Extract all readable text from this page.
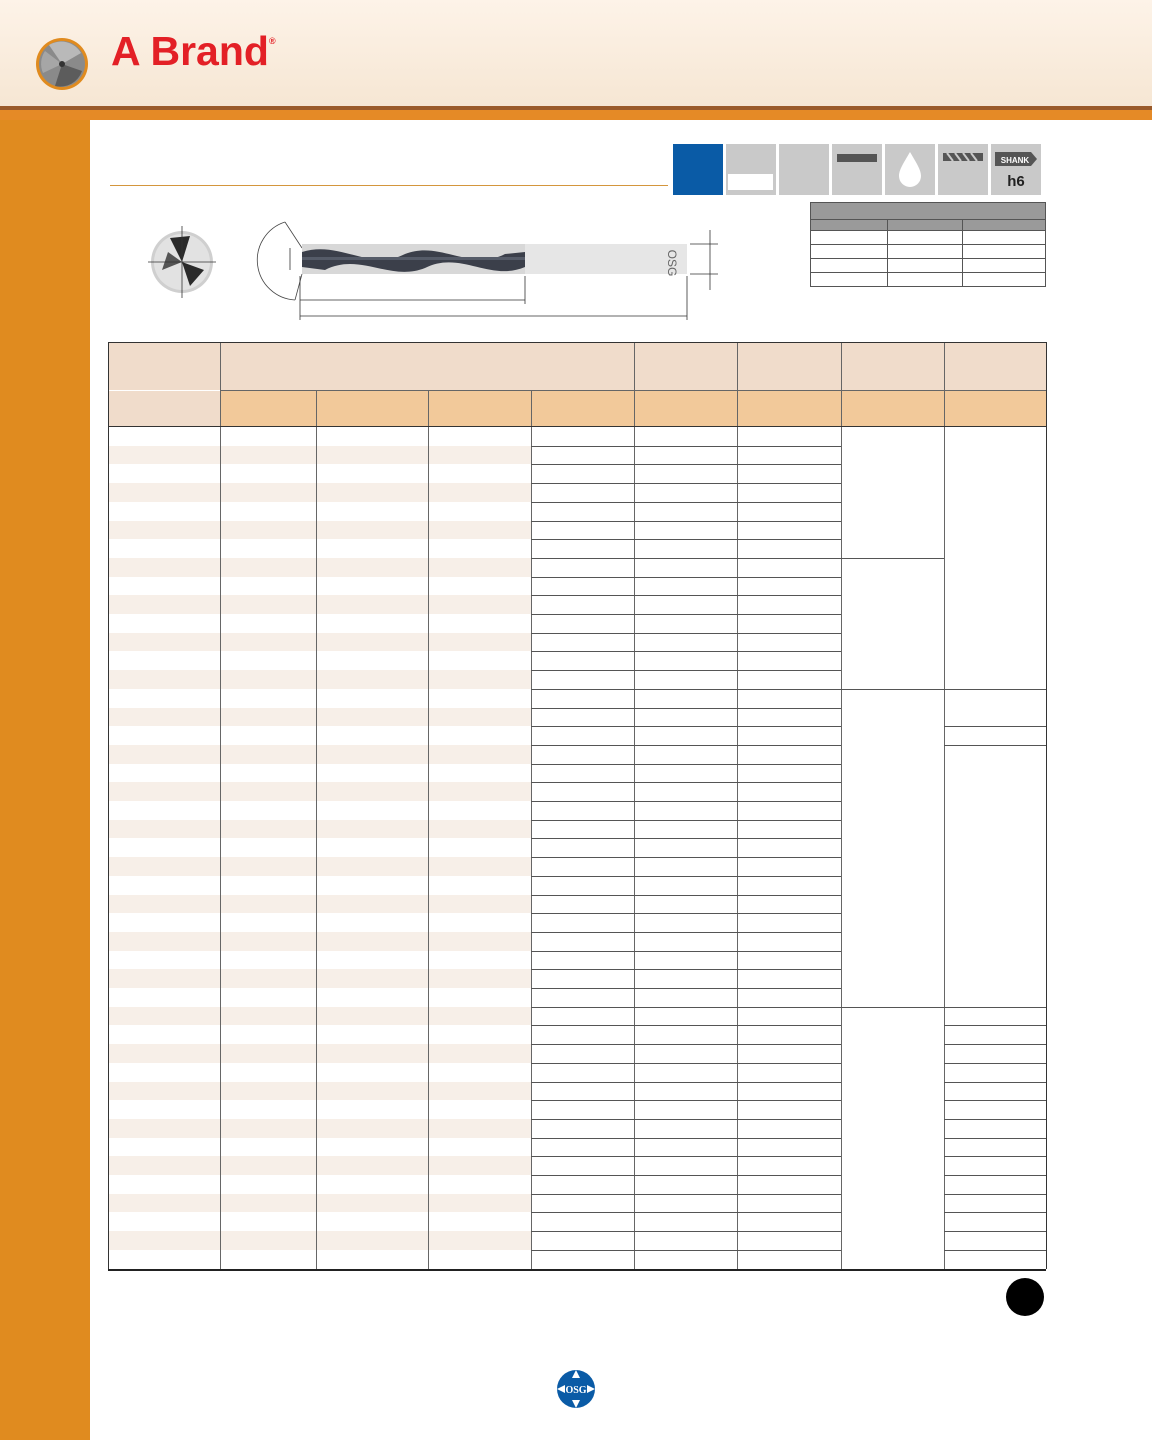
A Brand®
SHANK
h6

OSG
OSG
